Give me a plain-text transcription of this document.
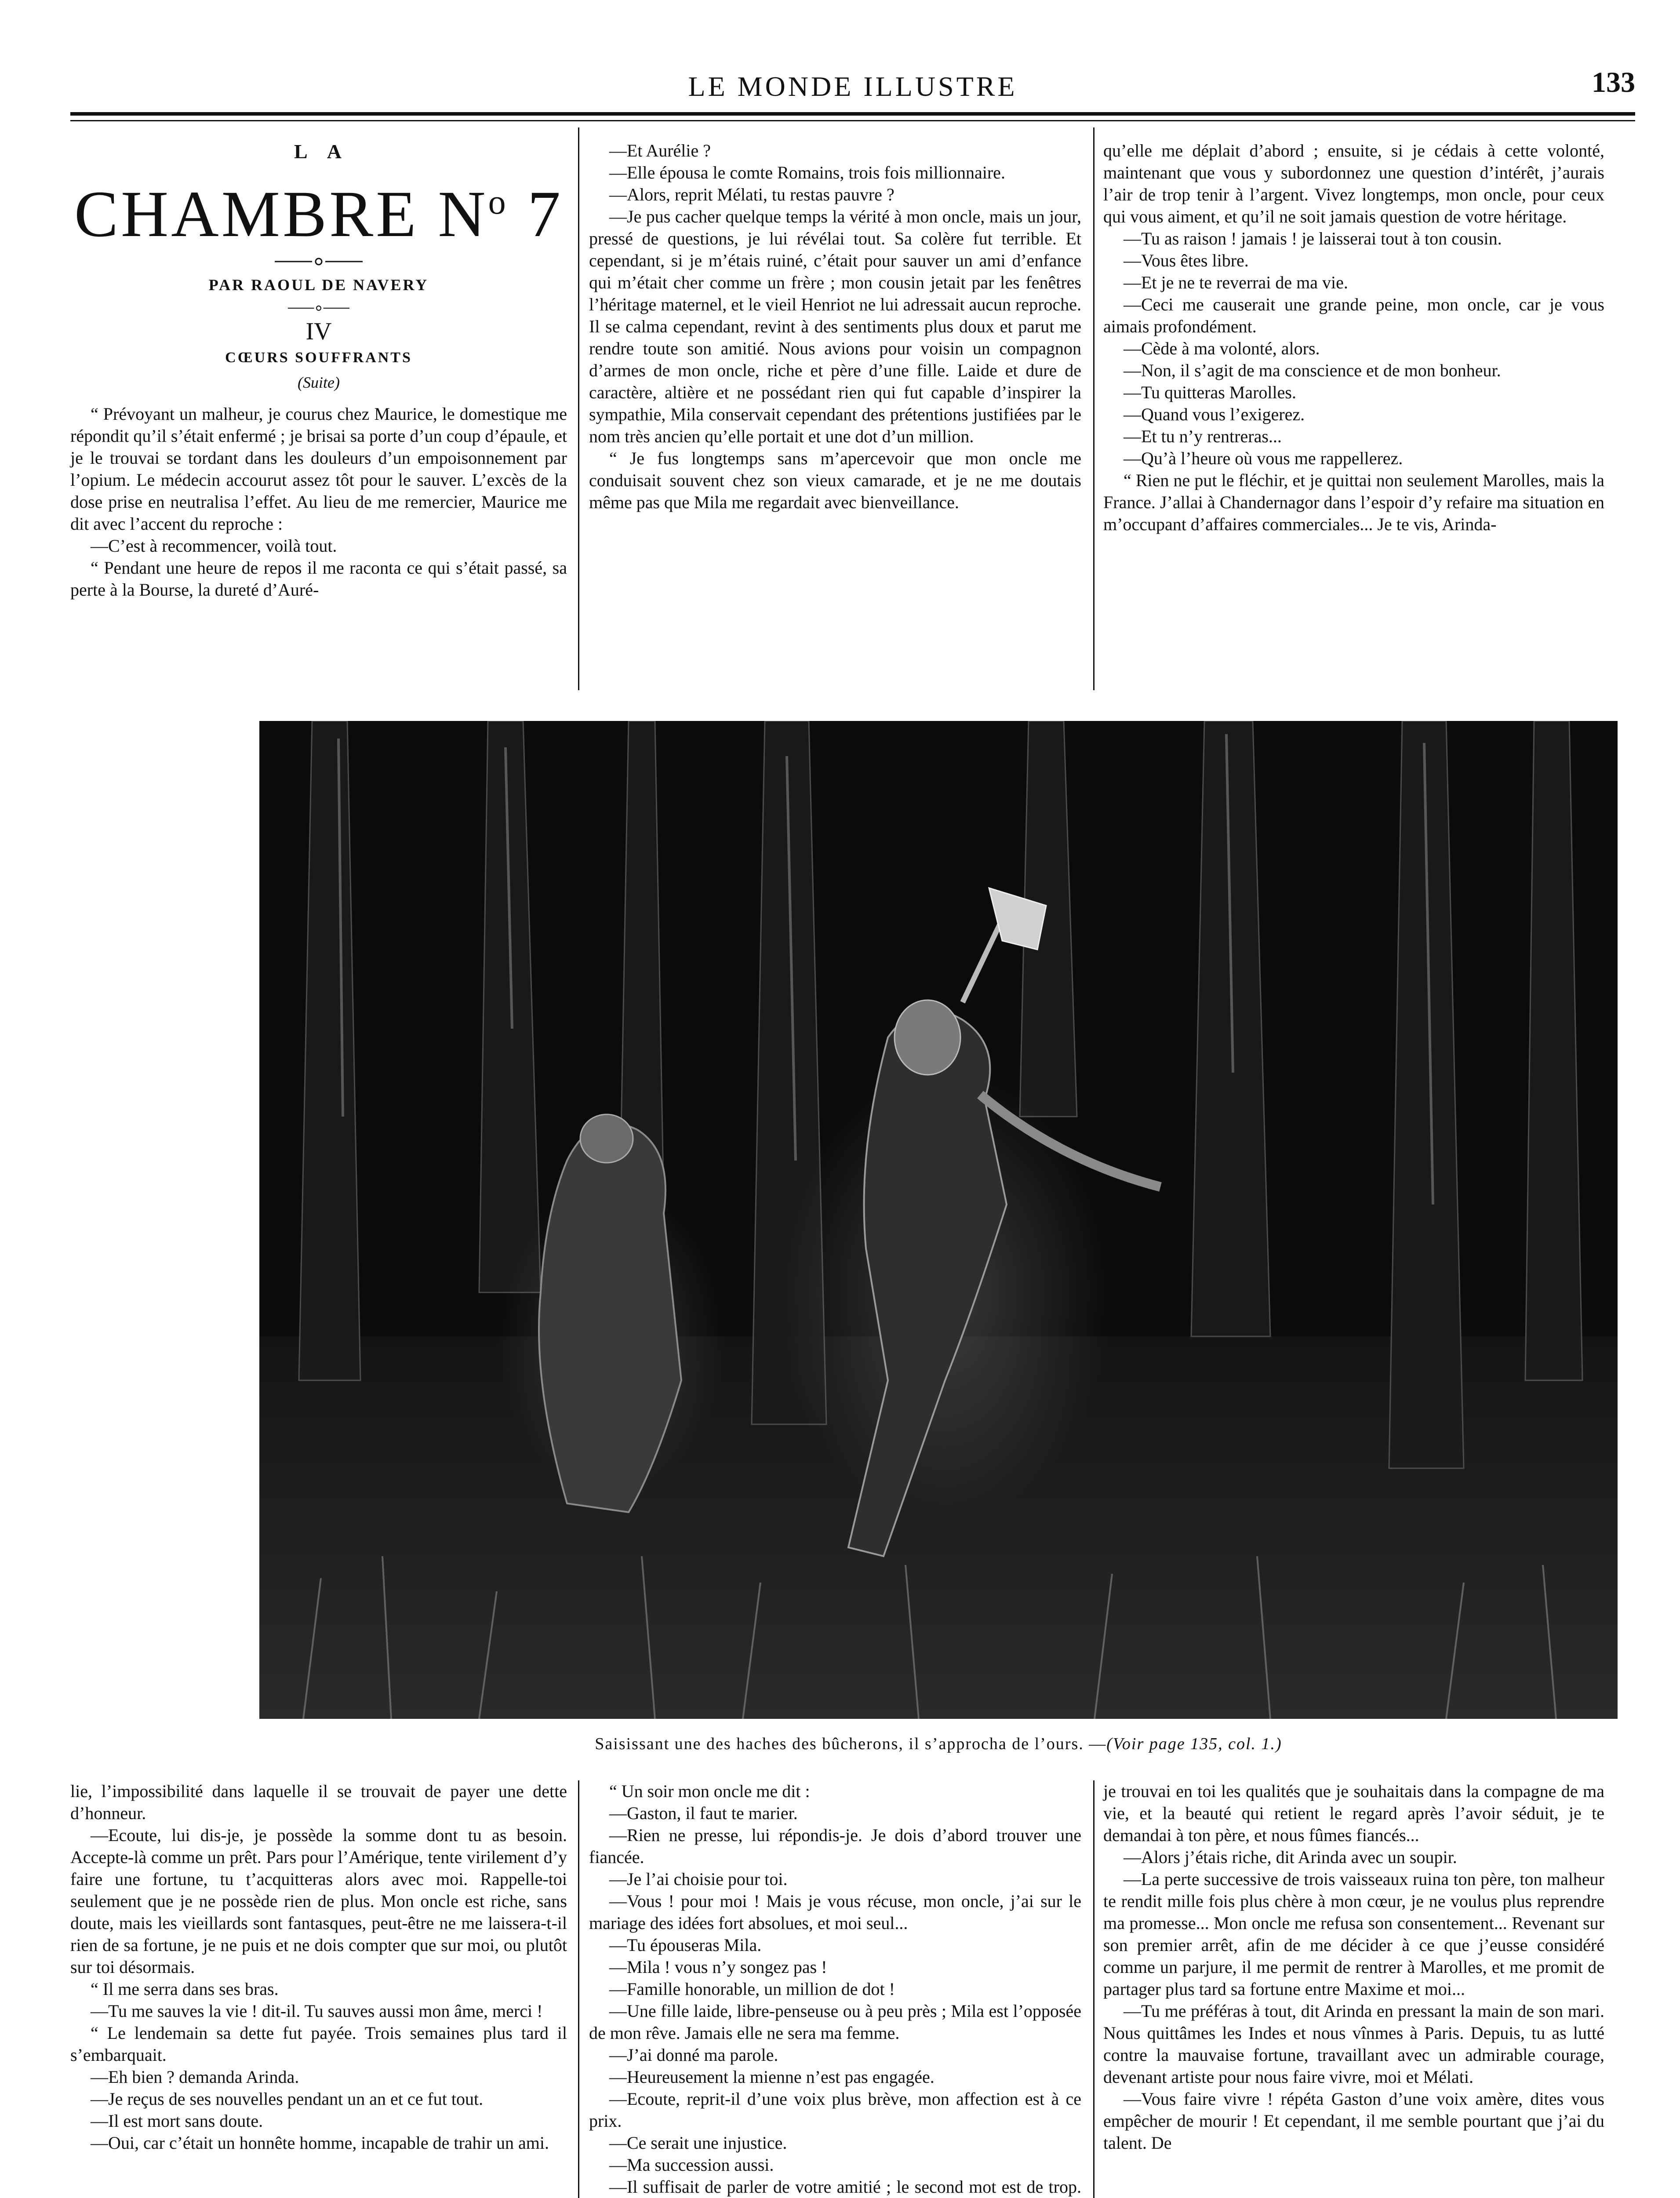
LE MONDE ILLUSTRE	133
LA
CHAMBRE $N^o$ 7
PAR RAOUL DE NAVERY
IV
CŒURS SOUFFRANTS
(Suite)

“ Prévoyant un malheur, je courus chez Maurice, le domestique me répondit qu’il s’était enfermé ; je brisai sa porte d’un coup d’épaule, et je le trouvai se tordant dans les douleurs d’un empoisonnement par l’opium. Le médecin accourut assez tôt pour le sauver. L’excès de la dose prise en neutralisa l’effet. Au lieu de me remercier, Maurice me dit avec l’accent du reproche :

—C’est à recommencer, voilà tout.

“ Pendant une heure de repos il me raconta ce qui s’était passé, sa perte à la Bourse, la dureté d’Auré-

—Et Aurélie ?

—Elle épousa le comte Romains, trois fois millionnaire.

—Alors, reprit Mélati, tu restas pauvre ?

—Je pus cacher quelque temps la vérité à mon oncle, mais un jour, pressé de questions, je lui révélai tout. Sa colère fut terrible. Et cependant, si je m’étais ruiné, c’était pour sauver un ami d’enfance qui m’était cher comme un frère ; mon cousin jetait par les fenêtres l’héritage maternel, et le vieil Henriot ne lui adressait aucun reproche. Il se calma cependant, revint à des sentiments plus doux et parut me rendre toute son amitié. Nous avions pour voisin un compagnon d’armes de mon oncle, riche et père d’une fille. Laide et dure de caractère, altière et ne possédant rien qui fut capable d’inspirer la sympathie, Mila conservait cependant des prétentions justifiées par le nom très ancien qu’elle portait et une dot d’un million.

“ Je fus longtemps sans m’apercevoir que mon oncle me conduisait souvent chez son vieux camarade, et je ne me doutais même pas que Mila me regardait avec bienveillance.

qu’elle me déplait d’abord ; ensuite, si je cédais à cette volonté, maintenant que vous y subordonnez une question d’intérêt, j’aurais l’air de trop tenir à l’argent. Vivez longtemps, mon oncle, pour ceux qui vous aiment, et qu’il ne soit jamais question de votre héritage.

—Tu as raison ! jamais ! je laisserai tout à ton cousin.

—Vous êtes libre.

—Et je ne te reverrai de ma vie.

—Ceci me causerait une grande peine, mon oncle, car je vous aimais profondément.

—Cède à ma volonté, alors.

—Non, il s’agit de ma conscience et de mon bonheur.

—Tu quitteras Marolles.

—Quand vous l’exigerez.

—Et tu n’y rentreras...

—Qu’à l’heure où vous me rappellerez.

“ Rien ne put le fléchir, et je quittai non seulement Marolles, mais la France. J’allai à Chandernagor dans l’espoir d’y refaire ma situation en m’occupant d’affaires commerciales... Je te vis, Arinda-

Saisissant une des haches des bûcherons, il s’approcha de l’ours. —(Voir page 135, col. 1.)

lie, l’impossibilité dans laquelle il se trouvait de payer une dette d’honneur.

—Ecoute, lui dis-je, je possède la somme dont tu as besoin. Accepte-là comme un prêt. Pars pour l’Amérique, tente virilement d’y faire une fortune, tu t’acquitteras alors avec moi. Rappelle-toi seulement que je ne possède rien de plus. Mon oncle est riche, sans doute, mais les vieillards sont fantasques, peut-être ne me laissera-t-il rien de sa fortune, je ne puis et ne dois compter que sur moi, ou plutôt sur toi désormais.

“ Il me serra dans ses bras.

—Tu me sauves la vie ! dit-il. Tu sauves aussi mon âme, merci !

“ Le lendemain sa dette fut payée. Trois semaines plus tard il s’embarquait.

—Eh bien ? demanda Arinda.

—Je reçus de ses nouvelles pendant un an et ce fut tout.

—Il est mort sans doute.

—Oui, car c’était un honnête homme, incapable de trahir un ami.

“ Un soir mon oncle me dit :

—Gaston, il faut te marier.

—Rien ne presse, lui répondis-je. Je dois d’abord trouver une fiancée.

—Je l’ai choisie pour toi.

—Vous ! pour moi ! Mais je vous récuse, mon oncle, j’ai sur le mariage des idées fort absolues, et moi seul...

—Tu épouseras Mila.

—Mila ! vous n’y songez pas !

—Famille honorable, un million de dot !

—Une fille laide, libre-penseuse ou à peu près ; Mila est l’opposée de mon rêve. Jamais elle ne sera ma femme.

—J’ai donné ma parole.

—Heureusement la mienne n’est pas engagée.

—Ecoute, reprit-il d’une voix plus brève, mon affection est à ce prix.

—Ce serait une injustice.

—Ma succession aussi.

—Il suffisait de parler de votre amitié ; le second mot est de trop.

je trouvai en toi les qualités que je souhaitais dans la compagne de ma vie, et la beauté qui retient le regard après l’avoir séduit, je te demandai à ton père, et nous fûmes fiancés...

—Alors j’étais riche, dit Arinda avec un soupir.

—La perte successive de trois vaisseaux ruina ton père, ton malheur te rendit mille fois plus chère à mon cœur, je ne voulus plus reprendre ma promesse... Mon oncle me refusa son consentement... Revenant sur son premier arrêt, afin de me décider à ce que j’eusse considéré comme un parjure, il me permit de rentrer à Marolles, et me promit de partager plus tard sa fortune entre Maxime et moi...

—Tu me préféras à tout, dit Arinda en pressant la main de son mari. Nous quittâmes les Indes et nous vînmes à Paris. Depuis, tu as lutté contre la mauvaise fortune, travaillant avec un admirable courage, devenant artiste pour nous faire vivre, moi et Mélati.

—Vous faire vivre ! répéta Gaston d’une voix amère, dites vous empêcher de mourir ! Et cependant, il me semble pourtant que j’ai du talent. De
